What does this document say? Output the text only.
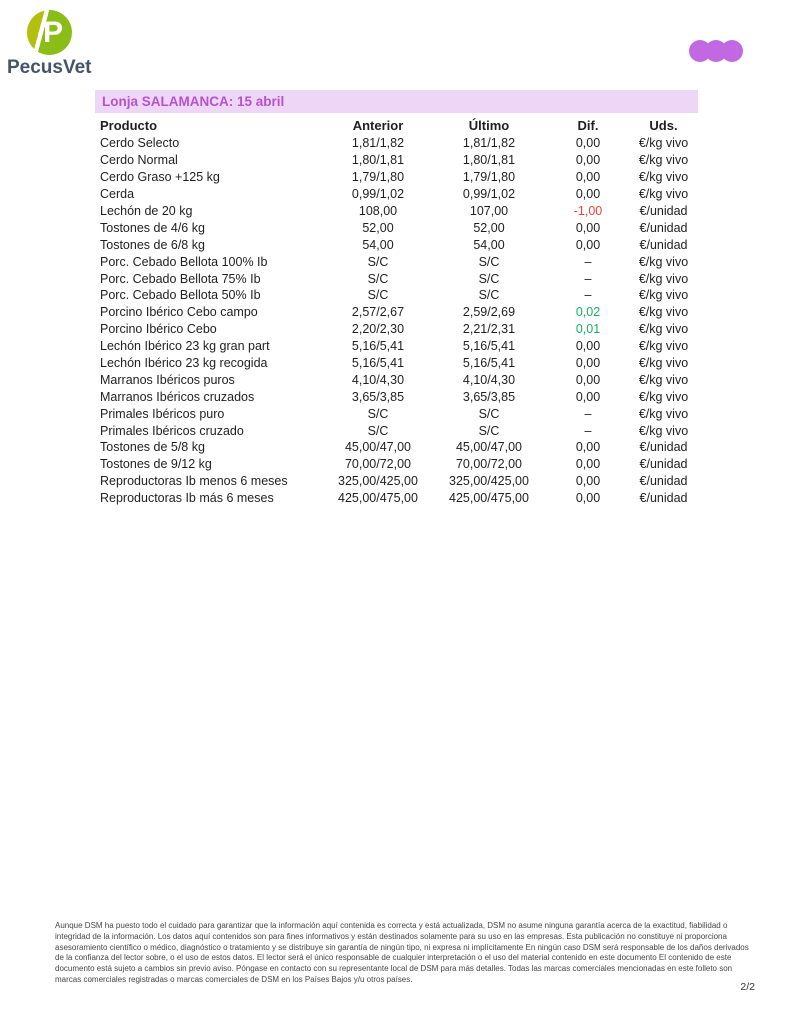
P
PecusVet
Lonja SALAMANCA: 15 abril
Producto	Anterior	Último	Dif.	Uds.
Cerdo Selecto	1,81/1,82	1,81/1,82	0,00	€/kg vivo
Cerdo Normal	1,80/1,81	1,80/1,81	0,00	€/kg vivo
Cerdo Graso +125 kg	1,79/1,80	1,79/1,80	0,00	€/kg vivo
Cerda	0,99/1,02	0,99/1,02	0,00	€/kg vivo
Lechón de 20 kg	108,00	107,00	-1,00	€/unidad
Tostones de 4/6 kg	52,00	52,00	0,00	€/unidad
Tostones de 6/8 kg	54,00	54,00	0,00	€/unidad
Porc. Cebado Bellota 100% Ib	S/C	S/C	–	€/kg vivo
Porc. Cebado Bellota 75% Ib	S/C	S/C	–	€/kg vivo
Porc. Cebado Bellota 50% Ib	S/C	S/C	–	€/kg vivo
Porcino Ibérico Cebo campo	2,57/2,67	2,59/2,69	0,02	€/kg vivo
Porcino Ibérico Cebo	2,20/2,30	2,21/2,31	0,01	€/kg vivo
Lechón Ibérico 23 kg gran part	5,16/5,41	5,16/5,41	0,00	€/kg vivo
Lechón Ibérico 23 kg recogida	5,16/5,41	5,16/5,41	0,00	€/kg vivo
Marranos Ibéricos puros	4,10/4,30	4,10/4,30	0,00	€/kg vivo
Marranos Ibéricos cruzados	3,65/3,85	3,65/3,85	0,00	€/kg vivo
Primales Ibéricos puro	S/C	S/C	–	€/kg vivo
Primales Ibéricos cruzado	S/C	S/C	–	€/kg vivo
Tostones de 5/8 kg	45,00/47,00	45,00/47,00	0,00	€/unidad
Tostones de 9/12 kg	70,00/72,00	70,00/72,00	0,00	€/unidad
Reproductoras Ib menos 6 meses	325,00/425,00	325,00/425,00	0,00	€/unidad
Reproductoras Ib más 6 meses	425,00/475,00	425,00/475,00	0,00	€/unidad
Aunque DSM ha puesto todo el cuidado para garantizar que la información aquí contenida es correcta y está actualizada, DSM no asume ninguna garantía acerca de la exactitud, fiabilidad o integridad de la información. Los datos aquí contenidos son para fines informativos y están destinados solamente para su uso en las empresas. Esta publicación no constituye ni proporciona asesoramiento científico o médico, diagnóstico o tratamiento y se distribuye sin garantía de ningún tipo, ni expresa ni implícitamente En ningún caso DSM será responsable de los daños derivados de la confianza del lector sobre, o el uso de estos datos. El lector será el único responsable de cualquier interpretación o el uso del material contenido en este documento El contenido de este documento está sujeto a cambios sin previo aviso. Póngase en contacto con su representante local de DSM para más detalles. Todas las marcas comerciales mencionadas en este folleto son marcas comerciales registradas o marcas comerciales de DSM en los Países Bajos y/u otros países.
2/2
